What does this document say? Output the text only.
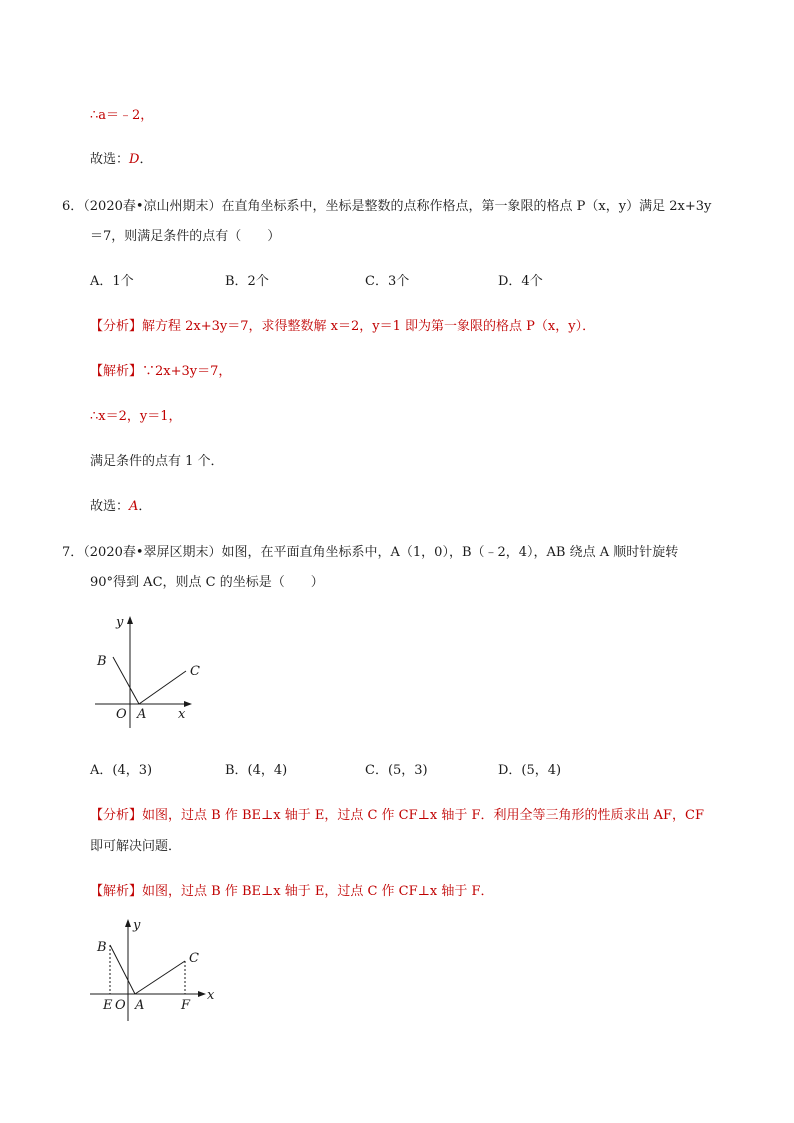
∴a＝﹣2，
故选：D．
6．（2020春•凉山州期末）在直角坐标系中，坐标是整数的点称作格点，第一象限的格点 P（x，y）满足 2x+3y
＝7，则满足条件的点有（　　）
A．1个	B．2个	C．3个	D．4个
【分析】解方程 2x+3y＝7，求得整数解 x＝2，y＝1 即为第一象限的格点 P（x，y）．
【解析】∵2x+3y＝7，
∴x＝2，y＝1，
满足条件的点有 1 个．
故选：A．
7．（2020春•翠屏区期末）如图，在平面直角坐标系中，A（1，0），B（﹣2，4），AB 绕点 A 顺时针旋转
90°得到 AC，则点 C 的坐标是（　　）
y
B
C
O A x
A．(4，3)	B．(4，4)	C．(5，3)	D．(5，4)
【分析】如图，过点 B 作 BE⊥x 轴于 E，过点 C 作 CF⊥x 轴于 F．利用全等三角形的性质求出 AF，CF
即可解决问题．
【解析】如图，过点 B 作 BE⊥x 轴于 E，过点 C 作 CF⊥x 轴于 F．
y
B
C
E O A	F
x
